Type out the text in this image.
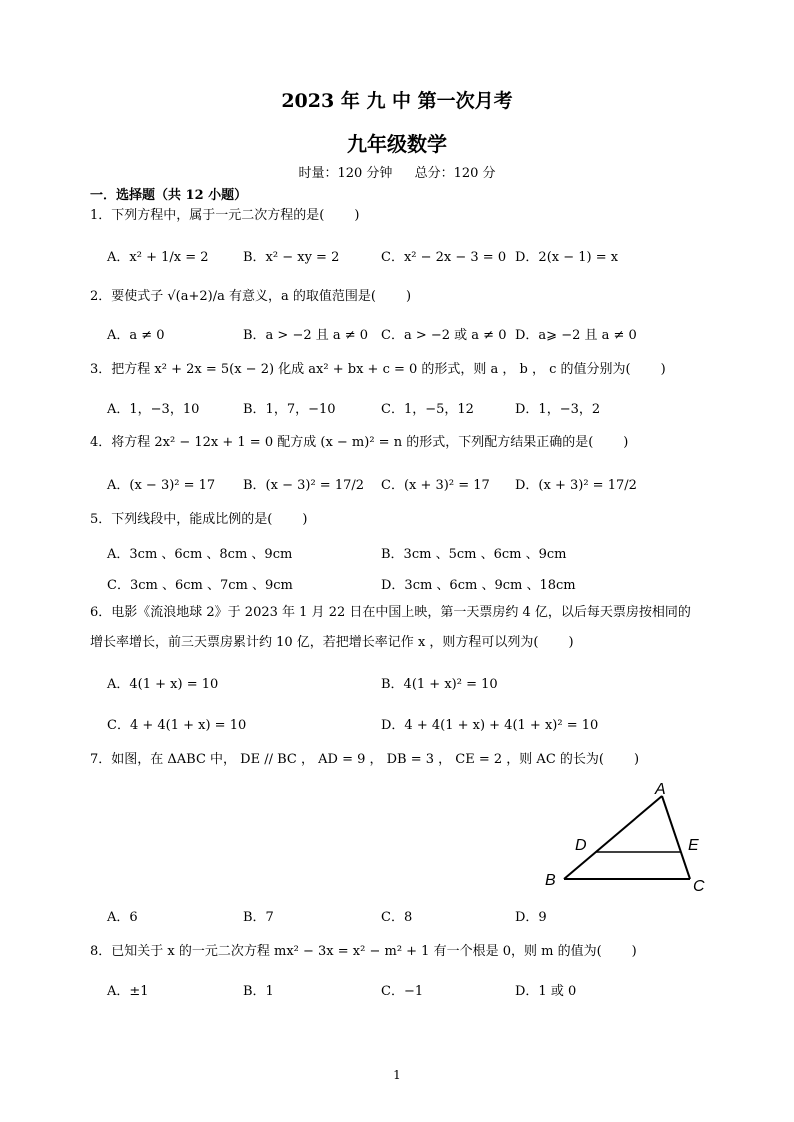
2023 年 九 中 第一次月考
九年级数学
时量：120 分钟 总分：120 分
一．选择题（共 12 小题）
1．下列方程中，属于一元二次方程的是( )
A．x² + 1/x = 2	B．x² − xy = 2	C．x² − 2x − 3 = 0 D．2(x − 1) = x
2．要使式子 √(a+2)/a 有意义，a 的取值范围是( )
A．a ≠ 0	B．a > −2 且 a ≠ 0 C．a > −2 或 a ≠ 0 D．a⩾ −2 且 a ≠ 0
3．把方程 x² + 2x = 5(x − 2) 化成 ax² + bx + c = 0 的形式，则 a ， b ， c 的值分别为( )
A．1，−3，10	B．1，7，−10	C．1，−5，12	D．1，−3，2
4．将方程 2x² − 12x + 1 = 0 配方成 (x − m)² = n 的形式，下列配方结果正确的是( )
A．(x − 3)² = 17 B．(x − 3)² = 17/2 C．(x + 3)² = 17 D．(x + 3)² = 17/2
5．下列线段中，能成比例的是( )
A．3cm 、6cm 、8cm 、9cm	B．3cm 、5cm 、6cm 、9cm
C．3cm 、6cm 、7cm 、9cm	D．3cm 、6cm 、9cm 、18cm
6．电影《流浪地球 2》于 2023 年 1 月 22 日在中国上映，第一天票房约 4 亿，以后每天票房按相同的
增长率增长，前三天票房累计约 10 亿，若把增长率记作 x ，则方程可以列为( )
A．4(1 + x) = 10	B．4(1 + x)² = 10
C．4 + 4(1 + x) = 10	D．4 + 4(1 + x) + 4(1 + x)² = 10
7．如图，在 ΔABC 中， DE // BC ， AD = 9 ， DB = 3 ， CE = 2 ，则 AC 的长为( )
A
D	E
B	C
A．6	B．7	C．8	D．9
8．已知关于 x 的一元二次方程 mx² − 3x = x² − m² + 1 有一个根是 0，则 m 的值为( )
A．±1	B．1	C．−1	D．1 或 0
1
